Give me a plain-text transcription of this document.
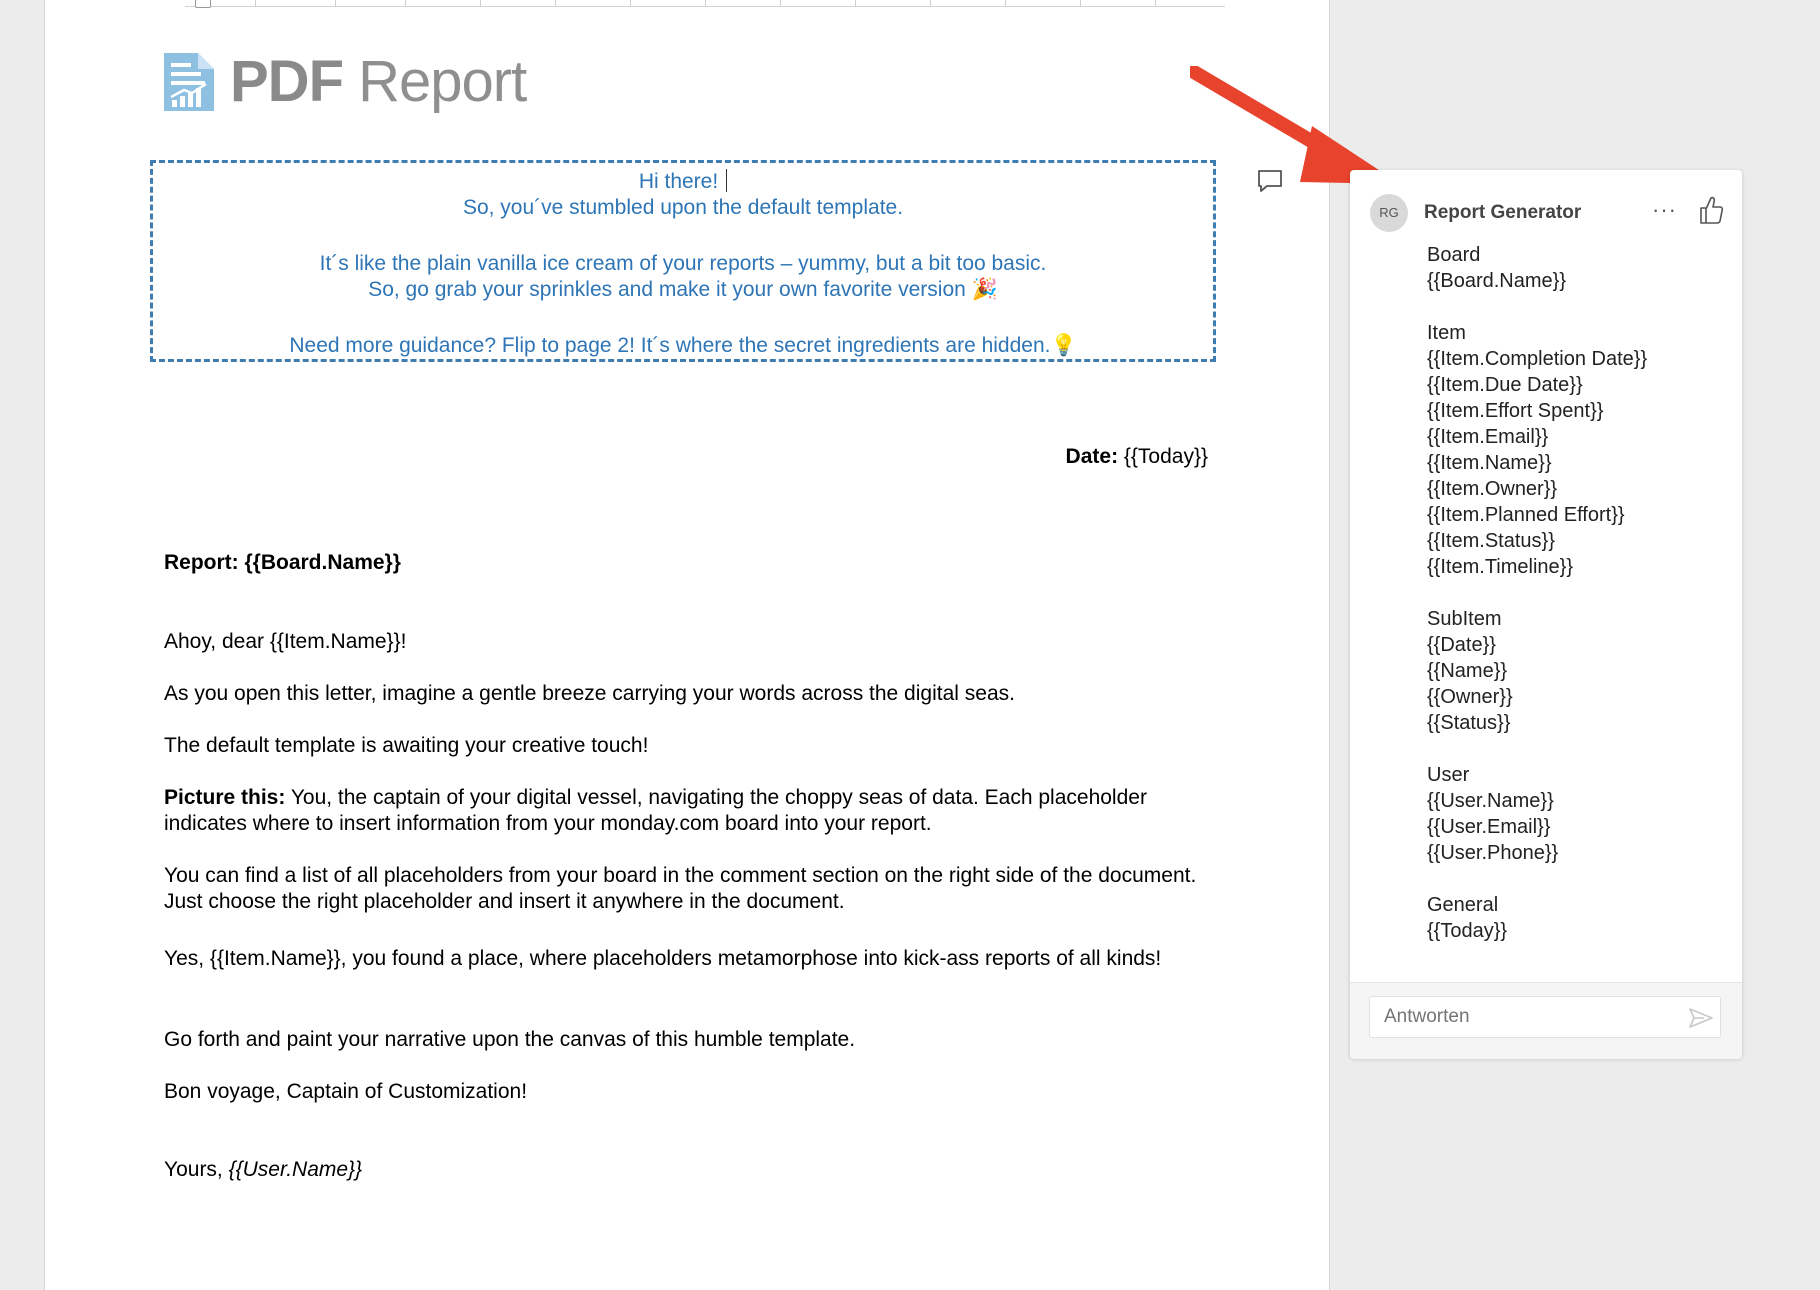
PDF Report

Hi there!

So, you´ve stumbled upon the default template.

It´s like the plain vanilla ice cream of your reports – yummy, but a bit too basic.

So, go grab your sprinkles and make it your own favorite version 🎉

Need more guidance? Flip to page 2! It´s where the secret ingredients are hidden.💡

Date: {{Today}}
Report: {{Board.Name}}
Ahoy, dear {{Item.Name}}!
As you open this letter, imagine a gentle breeze carrying your words across the digital seas.
The default template is awaiting your creative touch!
Picture this: You, the captain of your digital vessel, navigating the choppy seas of data. Each placeholder indicates where to insert information from your monday.com board into your report.
You can find a list of all placeholders from your board in the comment section on the right side of the document. Just choose the right placeholder and insert it anywhere in the document.
Yes, {{Item.Name}}, you found a place, where placeholders metamorphose into kick-ass reports of all kinds!
Go forth and paint your narrative upon the canvas of this humble template.
Bon voyage, Captain of Customization!
Yours, {{User.Name}}
RG	Report Generator	···
Board
{{Board.Name}}
Item
{{Item.Completion Date}}
{{Item.Due Date}}
{{Item.Effort Spent}}
{{Item.Email}}
{{Item.Name}}
{{Item.Owner}}
{{Item.Planned Effort}}
{{Item.Status}}
{{Item.Timeline}}
SubItem
{{Date}}
{{Name}}
{{Owner}}
{{Status}}
User
{{User.Name}}
{{User.Email}}
{{User.Phone}}
General
{{Today}}
Antworten
